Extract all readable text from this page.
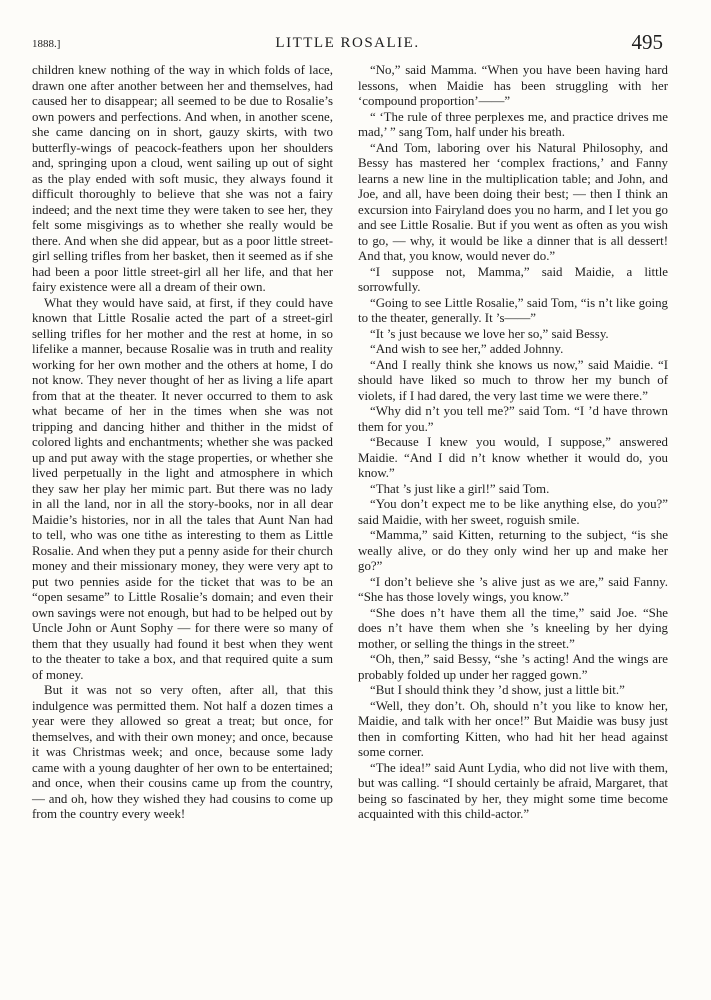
1888.]	LITTLE ROSALIE.	495

children knew nothing of the way in which folds of lace, drawn one after another between her and themselves, had caused her to disappear; all seemed to be due to Rosalie’s own powers and perfections. And when, in another scene, she came dancing on in short, gauzy skirts, with two butterfly-wings of peacock-feathers upon her shoulders and, springing upon a cloud, went sailing up out of sight as the play ended with soft music, they always found it difficult thoroughly to believe that she was not a fairy indeed; and the next time they were taken to see her, they felt some misgivings as to whether she really would be there. And when she did appear, but as a poor little street-girl selling trifles from her basket, then it seemed as if she had been a poor little street-girl all her life, and that her fairy existence were all a dream of their own.

What they would have said, at first, if they could have known that Little Rosalie acted the part of a street-girl selling trifles for her mother and the rest at home, in so lifelike a manner, because Rosalie was in truth and reality working for her own mother and the others at home, I do not know. They never thought of her as living a life apart from that at the theater. It never occurred to them to ask what became of her in the times when she was not tripping and dancing hither and thither in the midst of colored lights and enchantments; whether she was packed up and put away with the stage properties, or whether she lived perpetually in the light and atmosphere in which they saw her play her mimic part. But there was no lady in all the land, nor in all the story-books, nor in all dear Maidie’s histories, nor in all the tales that Aunt Nan had to tell, who was one tithe as interesting to them as Little Rosalie. And when they put a penny aside for their church money and their missionary money, they were very apt to put two pennies aside for the ticket that was to be an “open sesame” to Little Rosalie’s domain; and even their own savings were not enough, but had to be helped out by Uncle John or Aunt Sophy — for there were so many of them that they usually had found it best when they went to the theater to take a box, and that required quite a sum of money.

But it was not so very often, after all, that this indulgence was permitted them. Not half a dozen times a year were they allowed so great a treat; but once, for themselves, and with their own money; and once, because it was Christmas week; and once, because some lady came with a young daughter of her own to be entertained; and once, when their cousins came up from the country, — and oh, how they wished they had cousins to come up from the country every week!

“No,” said Mamma. “When you have been having hard lessons, when Maidie has been struggling with her ‘compound proportion’——”

“ ‘The rule of three perplexes me, and practice drives me mad,’ ” sang Tom, half under his breath.

“And Tom, laboring over his Natural Philosophy, and Bessy has mastered her ‘complex fractions,’ and Fanny learns a new line in the multiplication table; and John, and Joe, and all, have been doing their best; — then I think an excursion into Fairyland does you no harm, and I let you go and see Little Rosalie. But if you went as often as you wish to go, — why, it would be like a dinner that is all dessert! And that, you know, would never do.”

“I suppose not, Mamma,” said Maidie, a little sorrowfully.

“Going to see Little Rosalie,” said Tom, “is n’t like going to the theater, generally. It ’s——”

“It ’s just because we love her so,” said Bessy.

“And wish to see her,” added Johnny.

“And I really think she knows us now,” said Maidie. “I should have liked so much to throw her my bunch of violets, if I had dared, the very last time we were there.”

“Why did n’t you tell me?” said Tom. “I ’d have thrown them for you.”

“Because I knew you would, I suppose,” answered Maidie. “And I did n’t know whether it would do, you know.”

“That ’s just like a girl!” said Tom.

“You don’t expect me to be like anything else, do you?” said Maidie, with her sweet, roguish smile.

“Mamma,” said Kitten, returning to the subject, “is she weally alive, or do they only wind her up and make her go?”

“I don’t believe she ’s alive just as we are,” said Fanny. “She has those lovely wings, you know.”

“She does n’t have them all the time,” said Joe. “She does n’t have them when she ’s kneeling by her dying mother, or selling the things in the street.”

“Oh, then,” said Bessy, “she ’s acting! And the wings are probably folded up under her ragged gown.”

“But I should think they ’d show, just a little bit.”

“Well, they don’t. Oh, should n’t you like to know her, Maidie, and talk with her once!” But Maidie was busy just then in comforting Kitten, who had hit her head against some corner.

“The idea!” said Aunt Lydia, who did not live with them, but was calling. “I should certainly be afraid, Margaret, that being so fascinated by her, they might some time become acquainted with this child-actor.”
